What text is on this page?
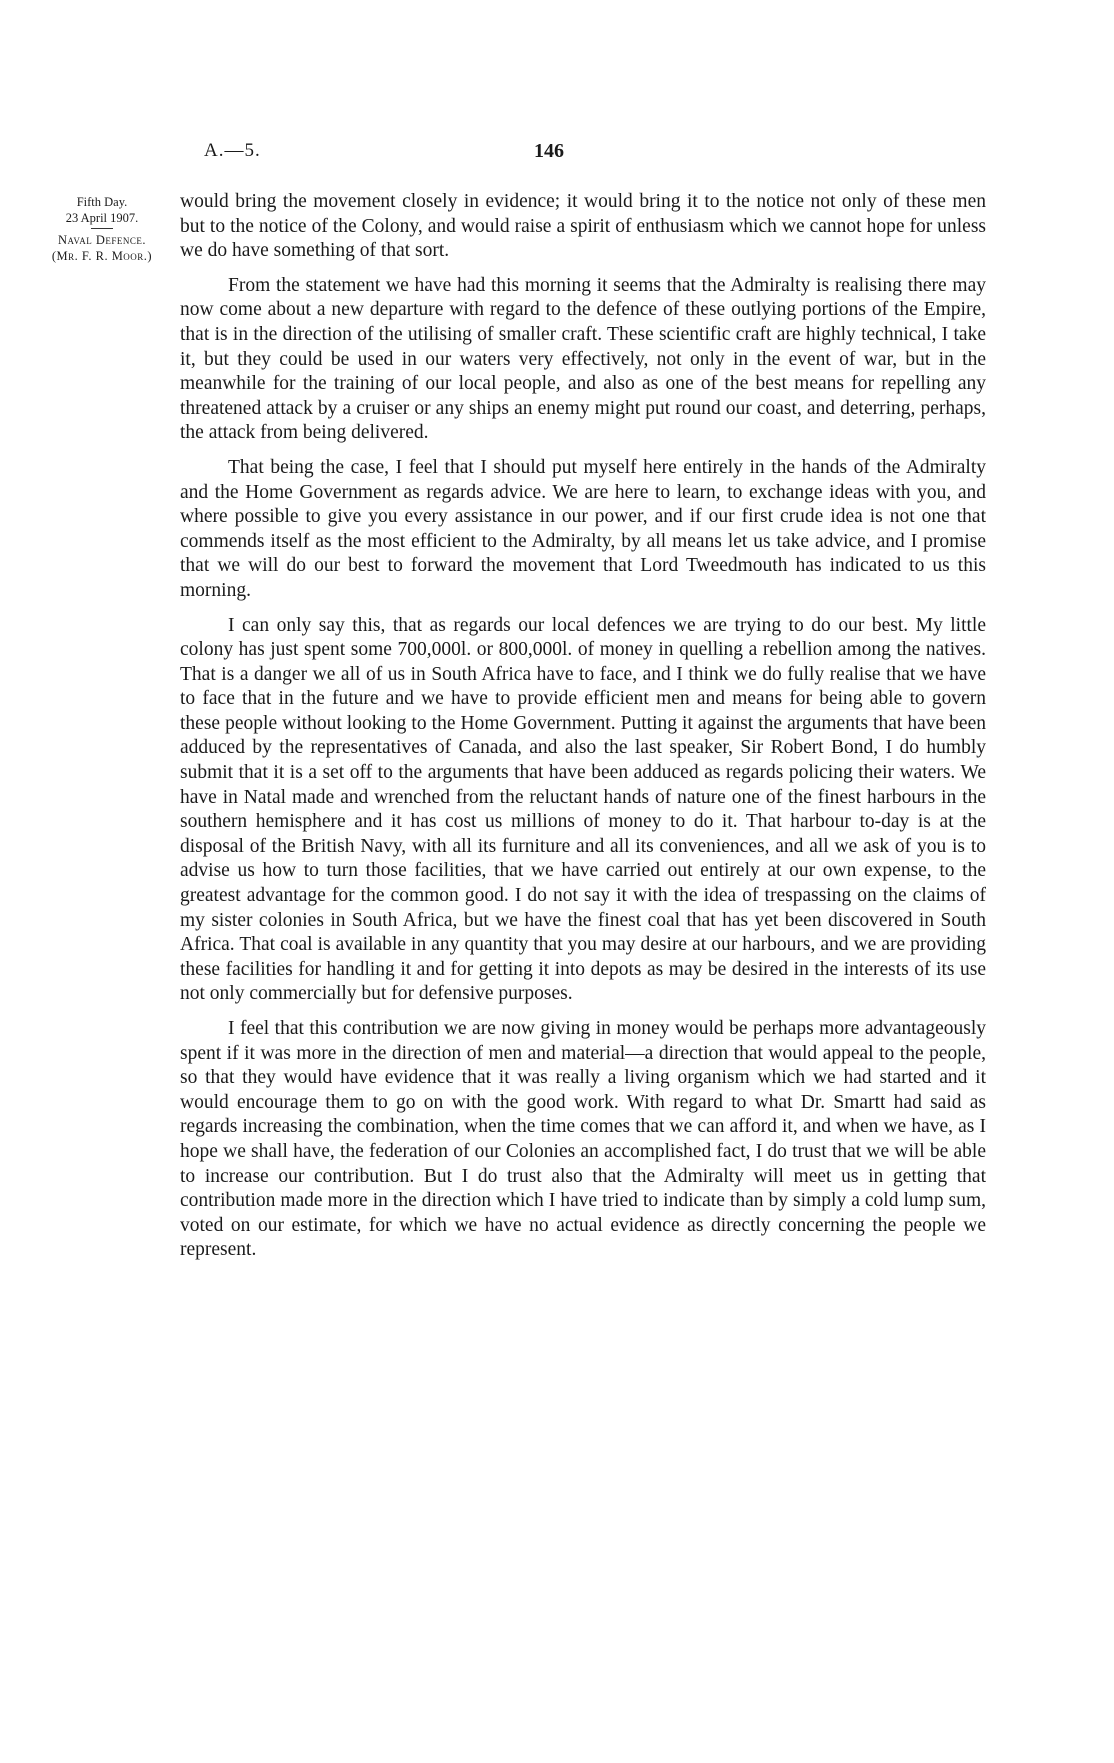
A.—5.	146
Fifth Day.
23 April 1907.
Naval Defence.
(Mr. F. R. Moor.)

would bring the movement closely in evidence; it would bring it to the notice not only of these men but to the notice of the Colony, and would raise a spirit of enthusiasm which we cannot hope for unless we do have something of that sort.

From the statement we have had this morning it seems that the Admiralty is realising there may now come about a new departure with regard to the defence of these outlying portions of the Empire, that is in the direction of the utilising of smaller craft. These scientific craft are highly technical, I take it, but they could be used in our waters very effectively, not only in the event of war, but in the meanwhile for the training of our local people, and also as one of the best means for repelling any threatened attack by a cruiser or any ships an enemy might put round our coast, and deterring, perhaps, the attack from being delivered.

That being the case, I feel that I should put myself here entirely in the hands of the Admiralty and the Home Government as regards advice. We are here to learn, to exchange ideas with you, and where possible to give you every assistance in our power, and if our first crude idea is not one that commends itself as the most efficient to the Admiralty, by all means let us take advice, and I promise that we will do our best to forward the movement that Lord Tweedmouth has indicated to us this morning.

I can only say this, that as regards our local defences we are trying to do our best. My little colony has just spent some 700,000l. or 800,000l. of money in quelling a rebellion among the natives. That is a danger we all of us in South Africa have to face, and I think we do fully realise that we have to face that in the future and we have to provide efficient men and means for being able to govern these people without looking to the Home Government. Putting it against the arguments that have been adduced by the representatives of Canada, and also the last speaker, Sir Robert Bond, I do humbly submit that it is a set off to the arguments that have been adduced as regards policing their waters. We have in Natal made and wrenched from the reluctant hands of nature one of the finest harbours in the southern hemisphere and it has cost us millions of money to do it. That harbour to-day is at the disposal of the British Navy, with all its furniture and all its conveniences, and all we ask of you is to advise us how to turn those facilities, that we have carried out entirely at our own expense, to the greatest advantage for the common good. I do not say it with the idea of trespassing on the claims of my sister colonies in South Africa, but we have the finest coal that has yet been discovered in South Africa. That coal is available in any quantity that you may desire at our harbours, and we are providing these facilities for handling it and for getting it into depots as may be desired in the interests of its use not only commercially but for defensive purposes.

I feel that this contribution we are now giving in money would be perhaps more advantageously spent if it was more in the direction of men and material—a direction that would appeal to the people, so that they would have evidence that it was really a living organism which we had started and it would encourage them to go on with the good work. With regard to what Dr. Smartt had said as regards increasing the combination, when the time comes that we can afford it, and when we have, as I hope we shall have, the federation of our Colonies an accomplished fact, I do trust that we will be able to increase our contribution. But I do trust also that the Admiralty will meet us in getting that contribution made more in the direction which I have tried to indicate than by simply a cold lump sum, voted on our estimate, for which we have no actual evidence as directly concerning the people we represent.
